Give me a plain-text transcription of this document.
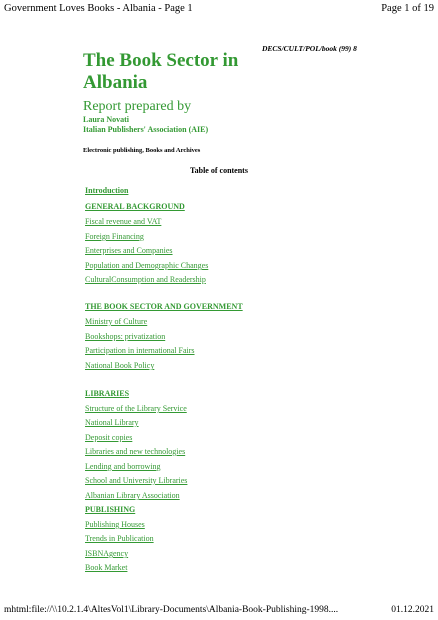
Government Loves Books - Albania - Page 1	Page 1 of 19
DECS/CULT/POL/book (99) 8
The Book Sector in Albania
Report prepared by
Laura Novati
Italian Publishers' Association (AIE)
Electronic publishing, Books and Archives
Table of contents
Introduction
GENERAL BACKGROUND
Fiscal revenue and VAT
Foreign Financing
Enterprises and Companies
Population and Demographic Changes
CulturalConsumption and Readership
THE BOOK SECTOR AND GOVERNMENT
Ministry of Culture
Bookshops: privatization
Participation in international Fairs
National Book Policy
LIBRARIES
Structure of the Library Service
National Library
Deposit copies
Libraries and new technologies
Lending and borrowing
School and University Libraries
Albanian Library Association
PUBLISHING
Publishing Houses
Trends in Publication
ISBNAgency
Book Market
mhtml:file://\\10.2.1.4\AltesVol1\Library-Documents\Albania-Book-Publishing-1998....	01.12.2021
